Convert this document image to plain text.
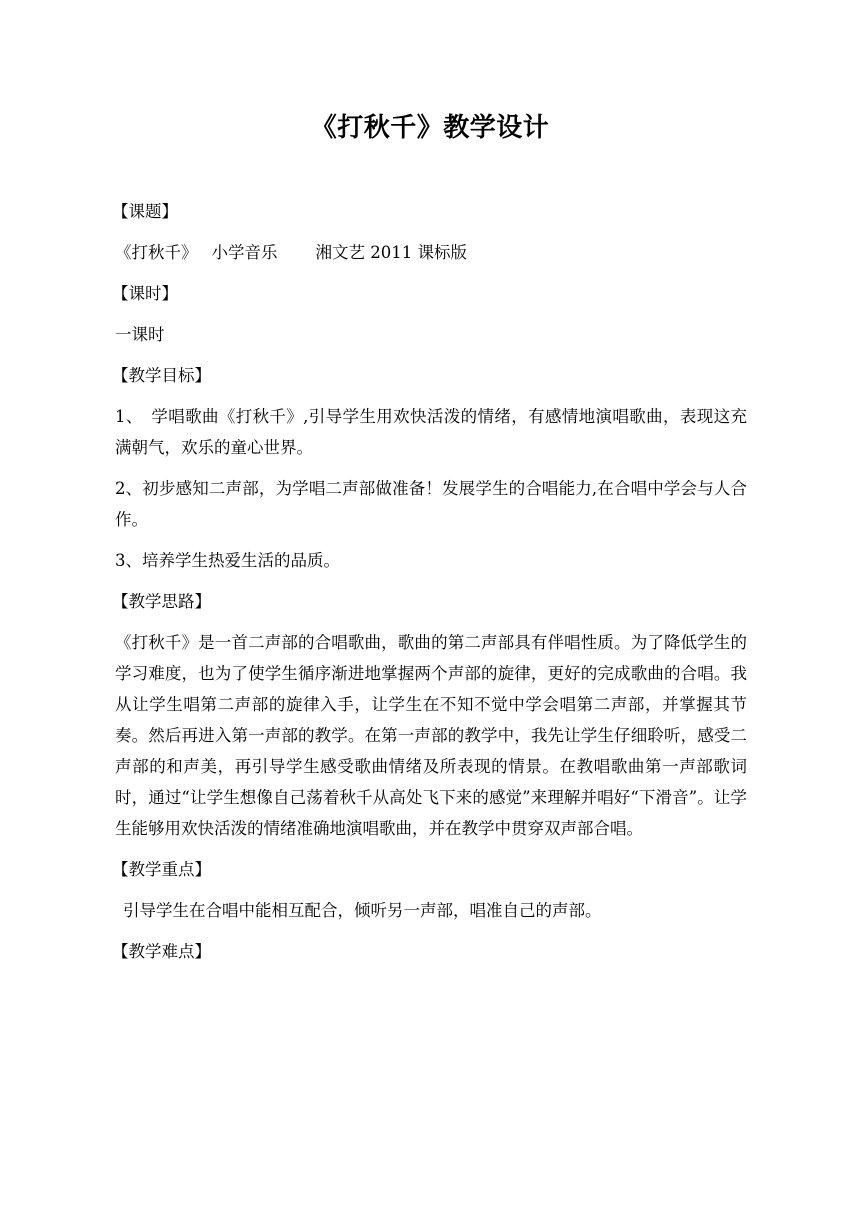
《打秋千》教学设计
【课题】
《打秋千》 小学音乐 湘文艺 2011 课标版
【课时】
一课时
【教学目标】
1、　学唱歌曲《打秋千》,引导学生用欢快活泼的情绪，有感情地演唱歌曲，表现这充满朝气，欢乐的童心世界。
2、初步感知二声部，为学唱二声部做准备！发展学生的合唱能力,在合唱中学会与人合作。
3、培养学生热爱生活的品质。
【教学思路】
《打秋千》是一首二声部的合唱歌曲，歌曲的第二声部具有伴唱性质。为了降低学生的学习难度，也为了使学生循序渐进地掌握两个声部的旋律，更好的完成歌曲的合唱。我从让学生唱第二声部的旋律入手，让学生在不知不觉中学会唱第二声部，并掌握其节奏。然后再进入第一声部的教学。在第一声部的教学中，我先让学生仔细聆听，感受二声部的和声美，再引导学生感受歌曲情绪及所表现的情景。在教唱歌曲第一声部歌词时，通过“让学生想像自己荡着秋千从高处飞下来的感觉”来理解并唱好“下滑音”。让学生能够用欢快活泼的情绪准确地演唱歌曲，并在教学中贯穿双声部合唱。
【教学重点】
引导学生在合唱中能相互配合，倾听另一声部，唱准自己的声部。
【教学难点】
